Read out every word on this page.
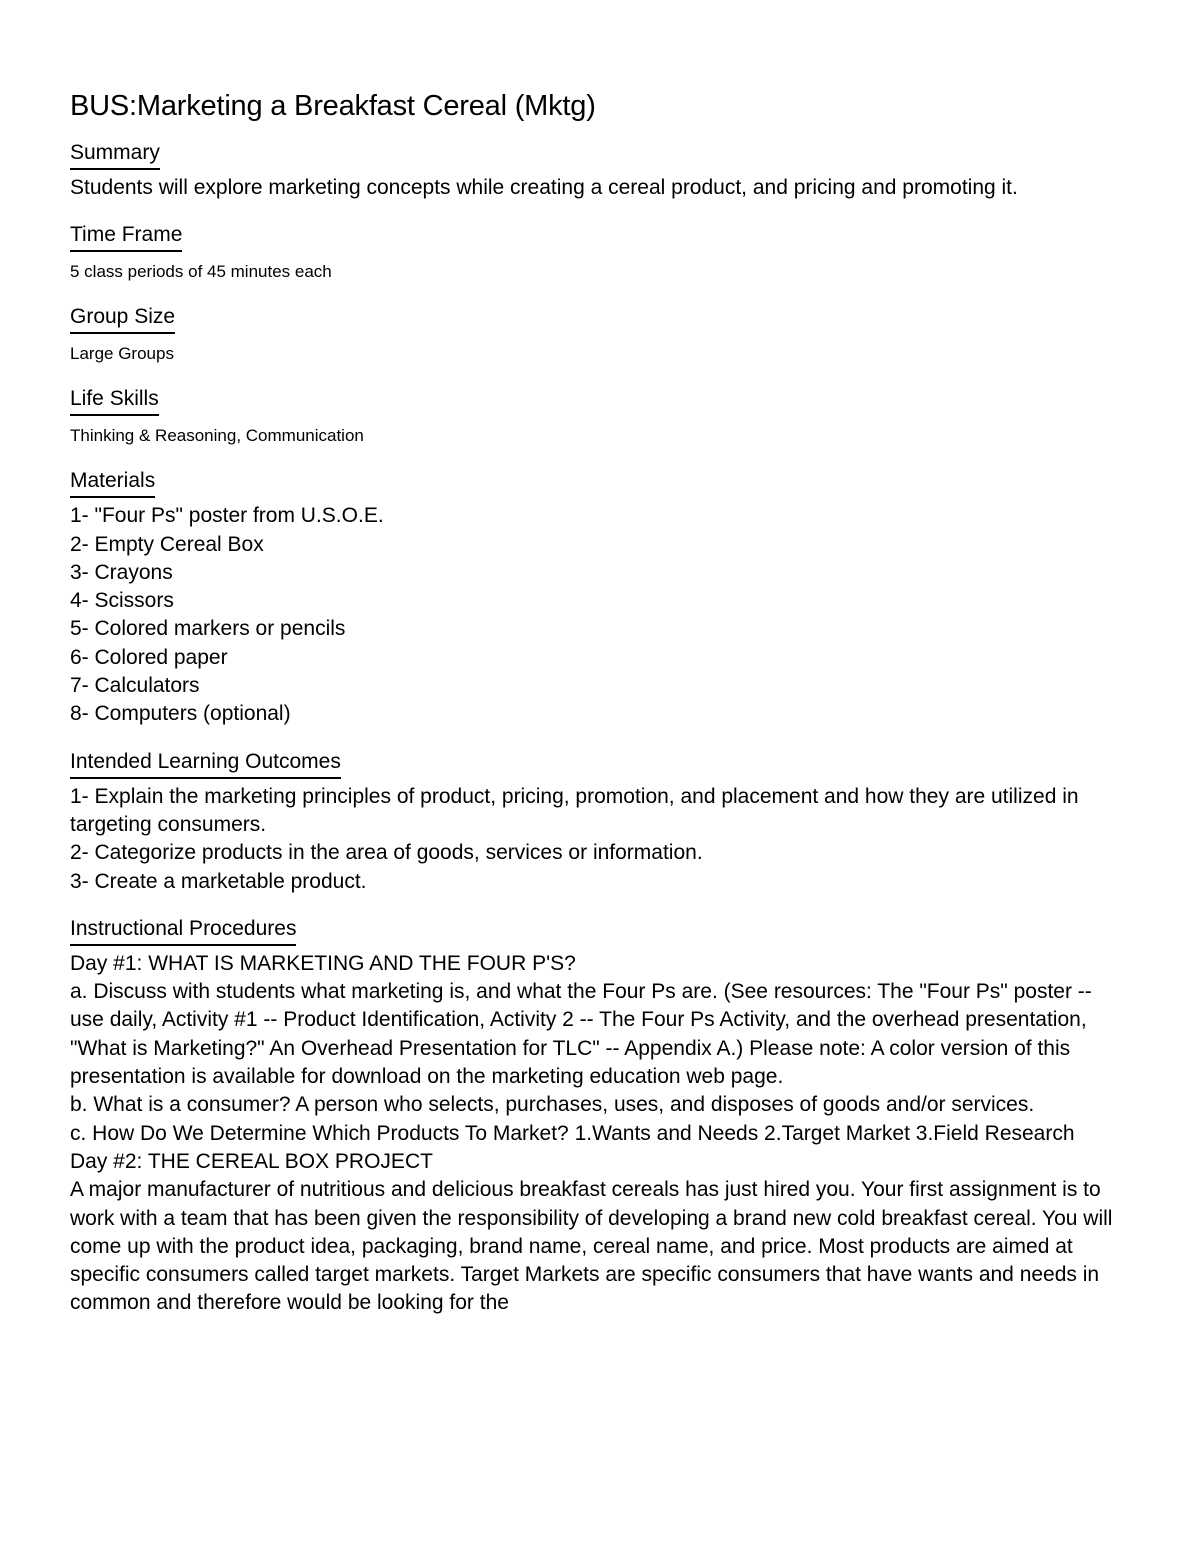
BUS:Marketing a Breakfast Cereal (Mktg)
Summary

Students will explore marketing concepts while creating a cereal product, and pricing and promoting it.

Time Frame

5 class periods of 45 minutes each

Group Size

Large Groups

Life Skills

Thinking & Reasoning, Communication

Materials
1- "Four Ps" poster from U.S.O.E.
2- Empty Cereal Box
3- Crayons
4- Scissors
5- Colored markers or pencils
6- Colored paper
7- Calculators
8- Computers (optional)
Intended Learning Outcomes
1- Explain the marketing principles of product, pricing, promotion, and placement and how they are utilized in targeting consumers.
2- Categorize products in the area of goods, services or information.
3- Create a marketable product.
Instructional Procedures
Day #1: WHAT IS MARKETING AND THE FOUR P'S?
a. Discuss with students what marketing is, and what the Four Ps are. (See resources: The "Four Ps" poster -- use daily, Activity #1 -- Product Identification, Activity 2 -- The Four Ps Activity, and the overhead presentation, "What is Marketing?" An Overhead Presentation for TLC" -- Appendix A.) Please note: A color version of this presentation is available for download on the marketing education web page.
b. What is a consumer? A person who selects, purchases, uses, and disposes of goods and/or services.
c. How Do We Determine Which Products To Market? 1.Wants and Needs 2.Target Market 3.Field Research
Day #2: THE CEREAL BOX PROJECT
A major manufacturer of nutritious and delicious breakfast cereals has just hired you. Your first assignment is to work with a team that has been given the responsibility of developing a brand new cold breakfast cereal. You will come up with the product idea, packaging, brand name, cereal name, and price. Most products are aimed at specific consumers called target markets. Target Markets are specific consumers that have wants and needs in common and therefore would be looking for the
